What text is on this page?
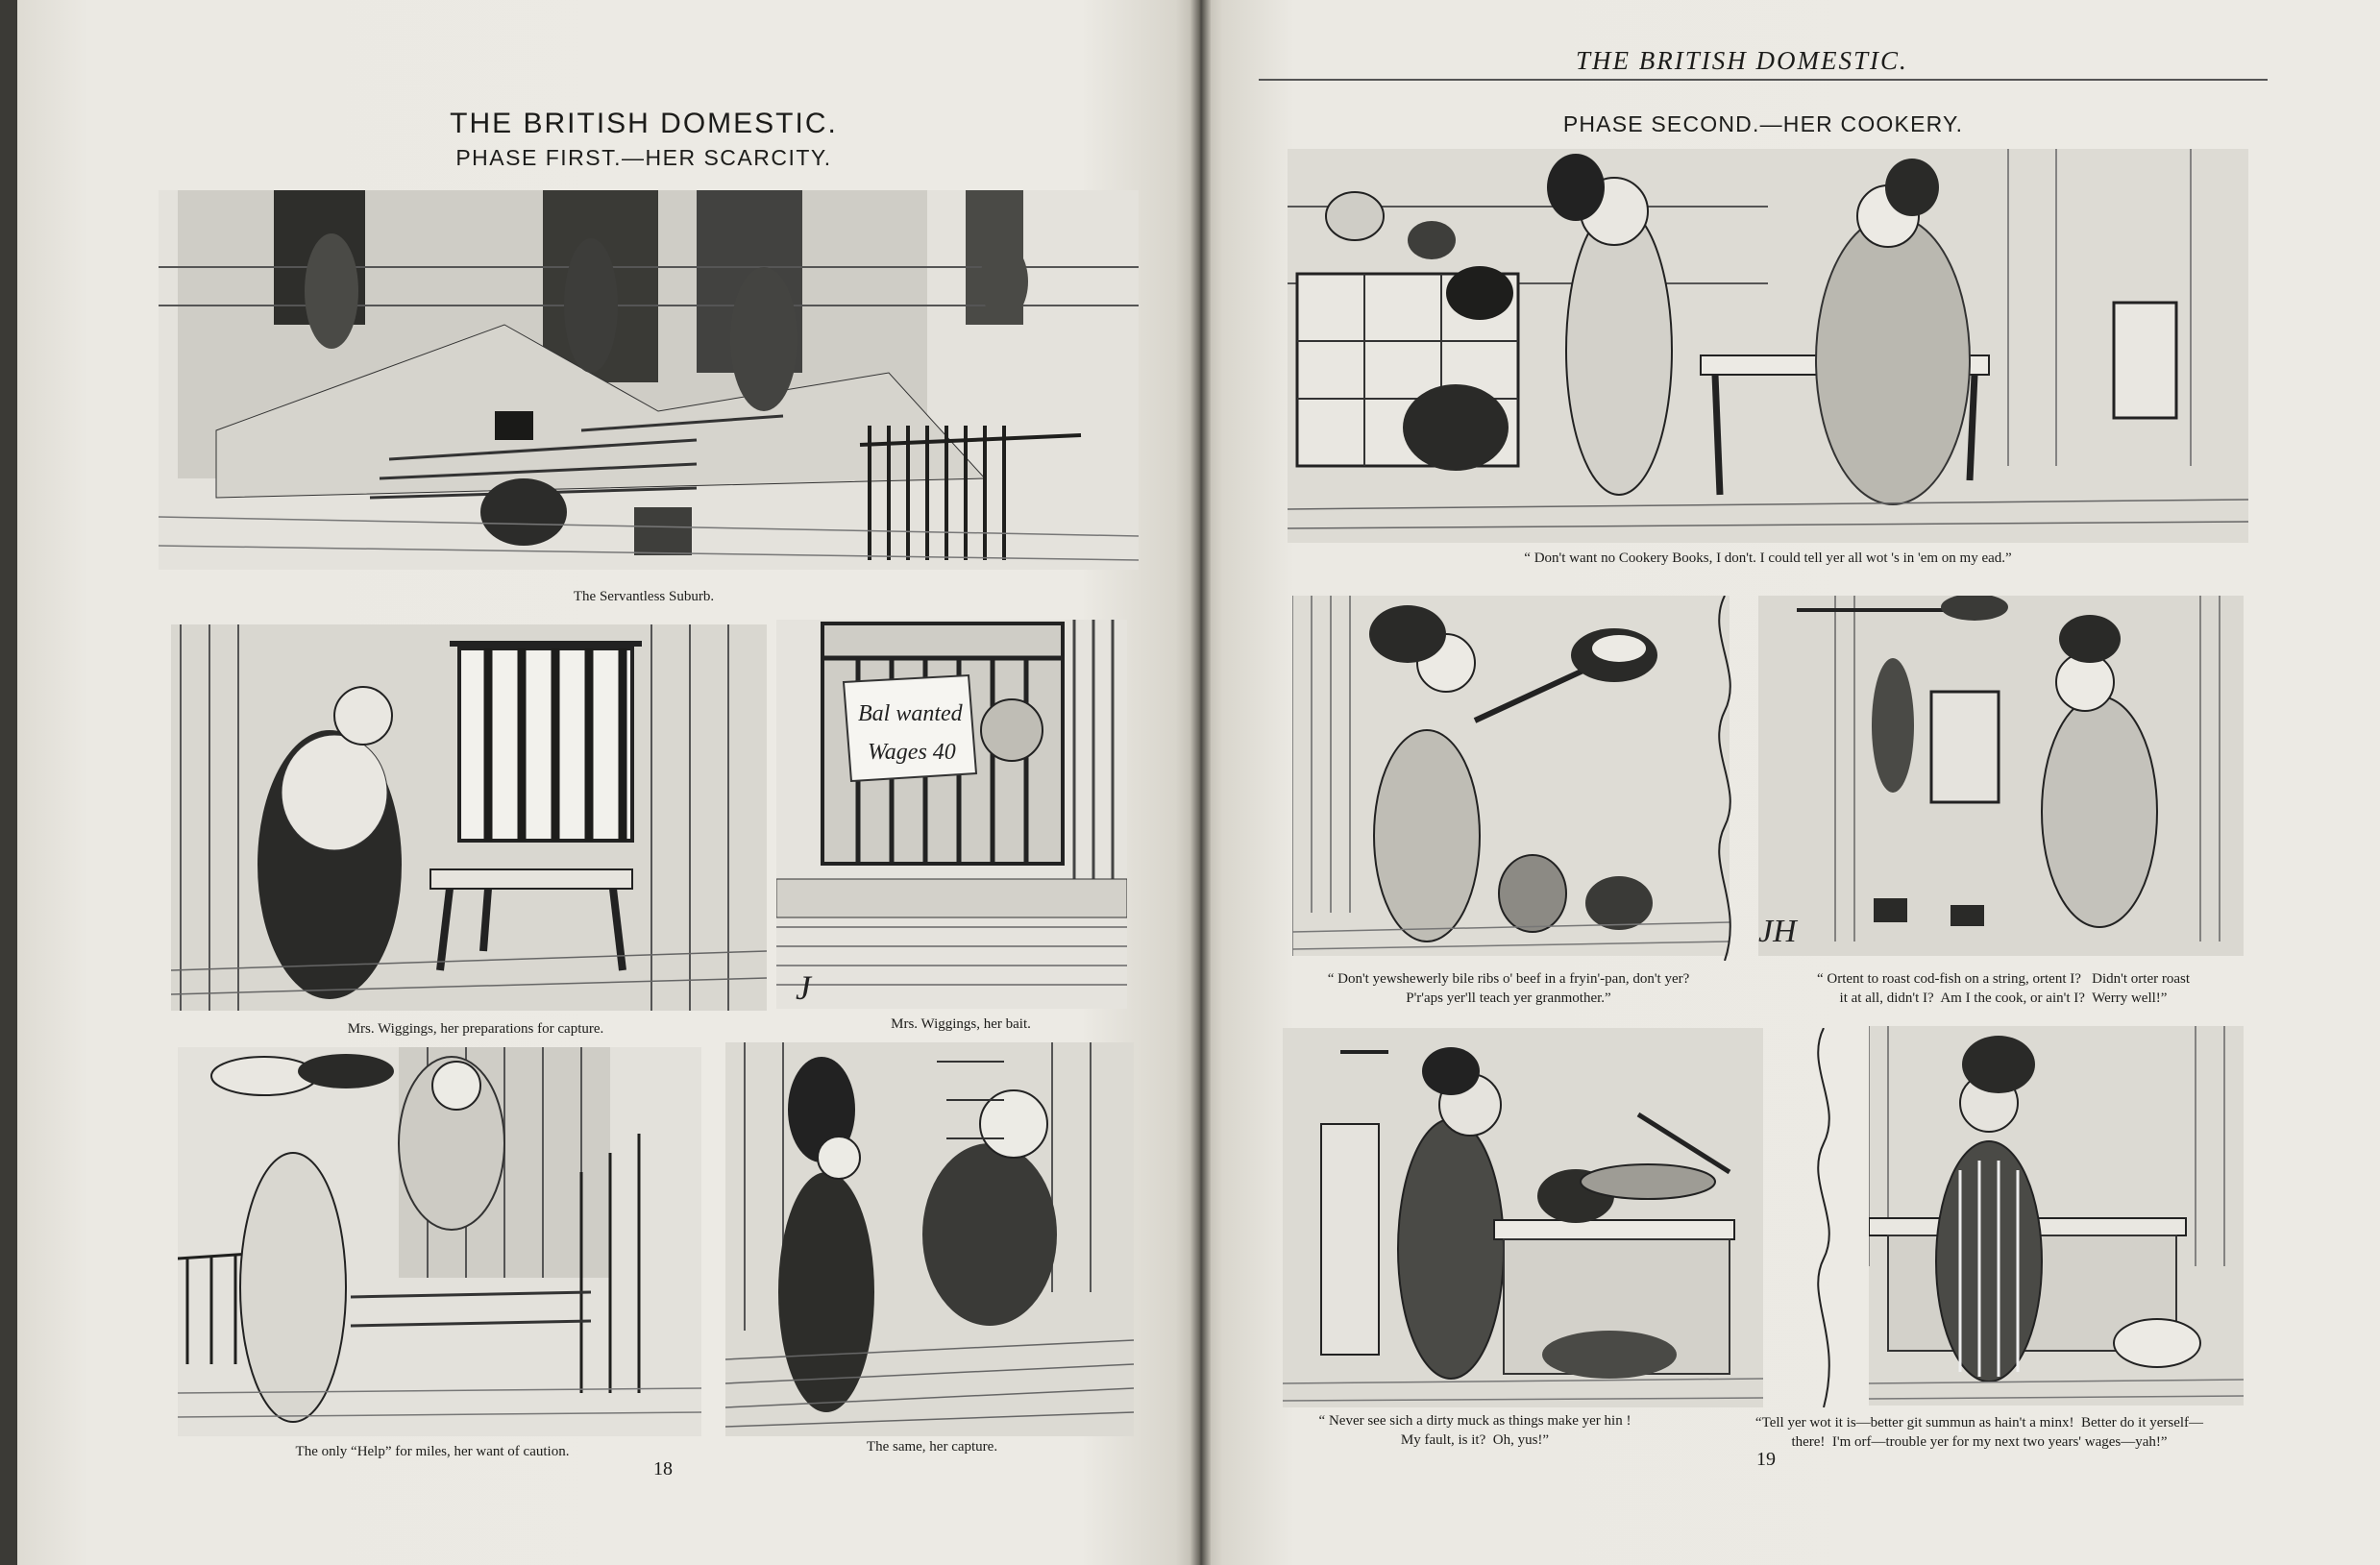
THE BRITISH DOMESTIC.
PHASE FIRST.—HER SCARCITY.
The Servantless Suburb.
Mrs. Wiggings, her preparations for capture.
Bal wanted
Wages 40
J
Mrs. Wiggings, her bait.
The only “Help” for miles, her want of caution.
18
The same, her capture.
THE BRITISH DOMESTIC.
PHASE SECOND.—HER COOKERY.
“ Don't want no Cookery Books, I don't. I could tell yer all wot 's in 'em on my ead.”
“ Don't yewshewerly bile ribs o' beef in a fryin'-pan, don't yer?
P'r'aps yer'll teach yer granmother.”
JH
“ Ortent to roast cod-fish on a string, ortent I?   Didn't orter roast
it at all, didn't I?  Am I the cook, or ain't I?  Werry well!”
“ Never see sich a dirty muck as things make yer hin !
My fault, is it?  Oh, yus!”
19
“Tell yer wot it is—better git summun as hain't a minx!  Better do it yerself—
there!  I'm orf—trouble yer for my next two years' wages—yah!”
